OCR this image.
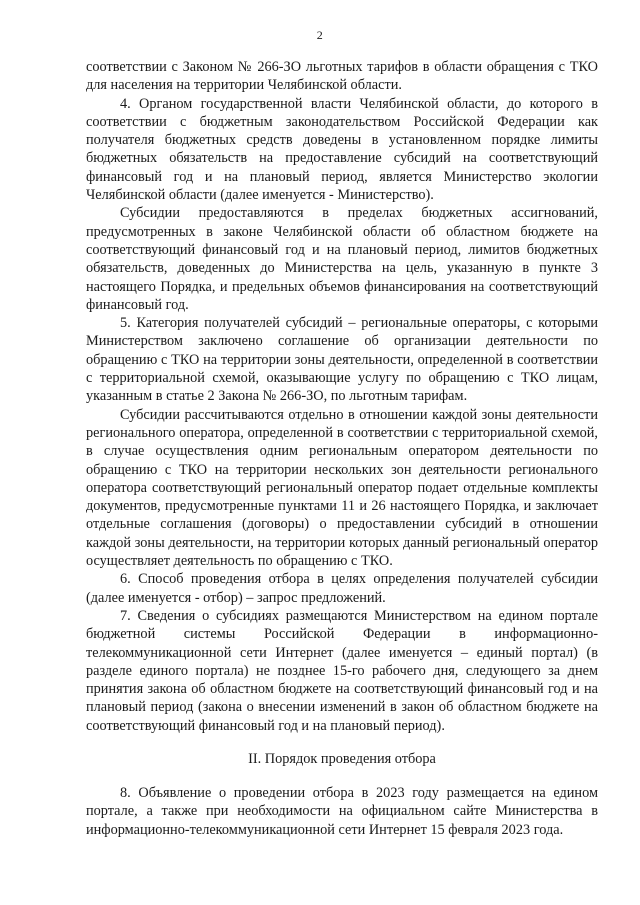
2

соответствии с Законом № 266-ЗО льготных тарифов в области обращения с ТКО для населения на территории Челябинской области.

4. Органом государственной власти Челябинской области, до которого в соответствии с бюджетным законодательством Российской Федерации как получателя бюджетных средств доведены в установленном порядке лимиты бюджетных обязательств на предоставление субсидий на соответствующий финансовый год и на плановый период, является Министерство экологии Челябинской области (далее именуется - Министерство).

Субсидии предоставляются в пределах бюджетных ассигнований, предусмотренных в законе Челябинской области об областном бюджете на соответствующий финансовый год и на плановый период, лимитов бюджетных обязательств, доведенных до Министерства на цель, указанную в пункте 3 настоящего Порядка, и предельных объемов финансирования на соответствующий финансовый год.

5. Категория получателей субсидий – региональные операторы, с которыми Министерством заключено соглашение об организации деятельности по обращению с ТКО на территории зоны деятельности, определенной в соответствии с территориальной схемой, оказывающие услугу по обращению с ТКО лицам, указанным в статье 2 Закона № 266-ЗО, по льготным тарифам.

Субсидии рассчитываются отдельно в отношении каждой зоны деятельности регионального оператора, определенной в соответствии с территориальной схемой, в случае осуществления одним региональным оператором деятельности по обращению с ТКО на территории нескольких зон деятельности регионального оператора соответствующий региональный оператор подает отдельные комплекты документов, предусмотренные пунктами 11 и 26 настоящего Порядка, и заключает отдельные соглашения (договоры) о предоставлении субсидий в отношении каждой зоны деятельности, на территории которых данный региональный оператор осуществляет деятельность по обращению с ТКО.

6. Способ проведения отбора в целях определения получателей субсидии (далее именуется - отбор) – запрос предложений.

7. Сведения о субсидиях размещаются Министерством на едином портале бюджетной системы Российской Федерации в информационно-телекоммуникационной сети Интернет (далее именуется – единый портал) (в разделе единого портала) не позднее 15-го рабочего дня, следующего за днем принятия закона об областном бюджете на соответствующий финансовый год и на плановый период (закона о внесении изменений в закон об областном бюджете на соответствующий финансовый год и на плановый период).

II. Порядок проведения отбора

8. Объявление о проведении отбора в 2023 году размещается на едином портале, а также при необходимости на официальном сайте Министерства в информационно-телекоммуникационной сети Интернет 15 февраля 2023 года.
